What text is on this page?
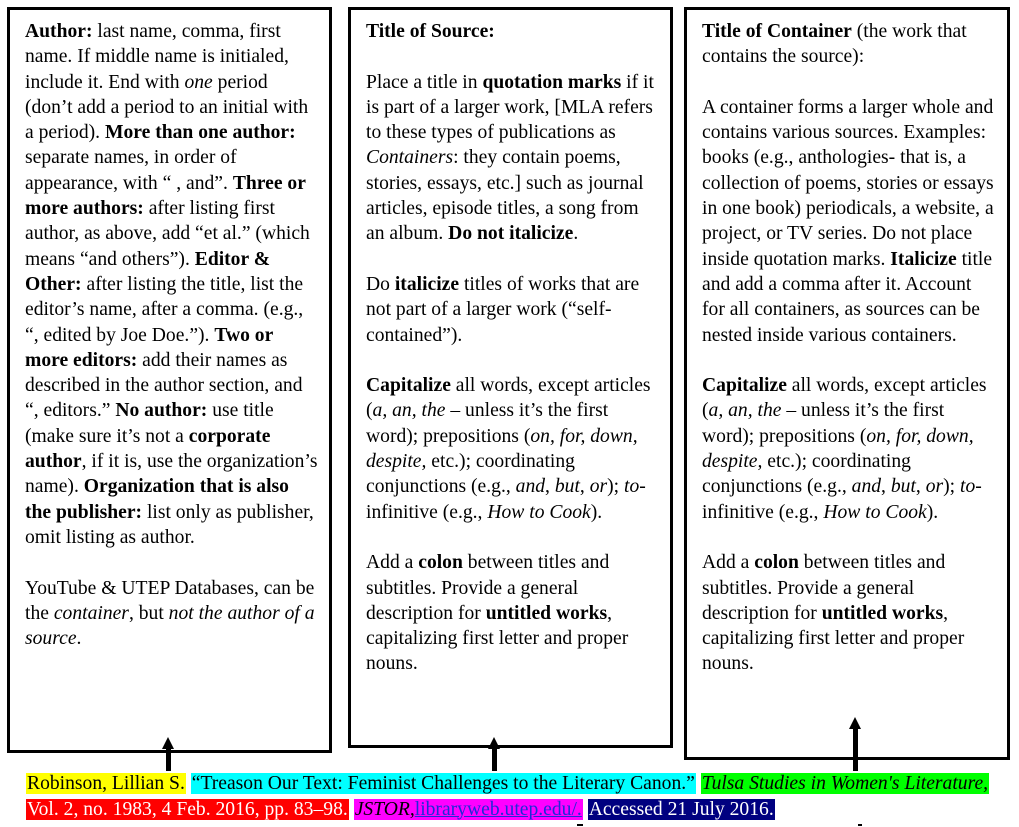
Author: last name, comma, first name. If middle name is initialed, include it. End with one period (don’t add a period to an initial with a period). More than one author: separate names, in order of appearance, with “ , and”. Three or more authors: after listing first author, as above, add “et al.” (which means “and others”). Editor & Other: after listing the title, list the editor’s name, after a comma. (e.g., “, edited by Joe Doe.”). Two or more editors: add their names as described in the author section, and “, editors.” No author: use title (make sure it’s not a corporate author, if it is, use the organization’s name). Organization that is also the publisher: list only as publisher, omit listing as author.

YouTube & UTEP Databases, can be the container, but not the author of a source.

Title of Source:

Place a title in quotation marks if it is part of a larger work, [MLA refers to these types of publications as Containers: they contain poems, stories, essays, etc.] such as journal articles, episode titles, a song from an album. Do not italicize.

Do italicize titles of works that are not part of a larger work (“self-contained”).

Capitalize all words, except articles (a, an, the – unless it’s the first word); prepositions (on, for, down, despite, etc.); coordinating conjunctions (e.g., and, but, or); to-infinitive (e.g., How to Cook).

Add a colon between titles and subtitles. Provide a general description for untitled works, capitalizing first letter and proper nouns.

Title of Container (the work that contains the source):

A container forms a larger whole and contains various sources. Examples: books (e.g., anthologies- that is, a collection of poems, stories or essays in one book) periodicals, a website, a project, or TV series. Do not place inside quotation marks. Italicize title and add a comma after it. Account for all containers, as sources can be nested inside various containers.

Capitalize all words, except articles (a, an, the – unless it’s the first word); prepositions (on, for, down, despite, etc.); coordinating conjunctions (e.g., and, but, or); to-infinitive (e.g., How to Cook).

Add a colon between titles and subtitles. Provide a general description for untitled works, capitalizing first letter and proper nouns.

Robinson, Lillian S. “Treason Our Text: Feminist Challenges to the Literary Canon.” Tulsa Studies in Women's Literature, Vol. 2, no. 1983, 4 Feb. 2016, pp. 83–98. JSTOR,libraryweb.utep.edu/. Accessed 21 July 2016.
